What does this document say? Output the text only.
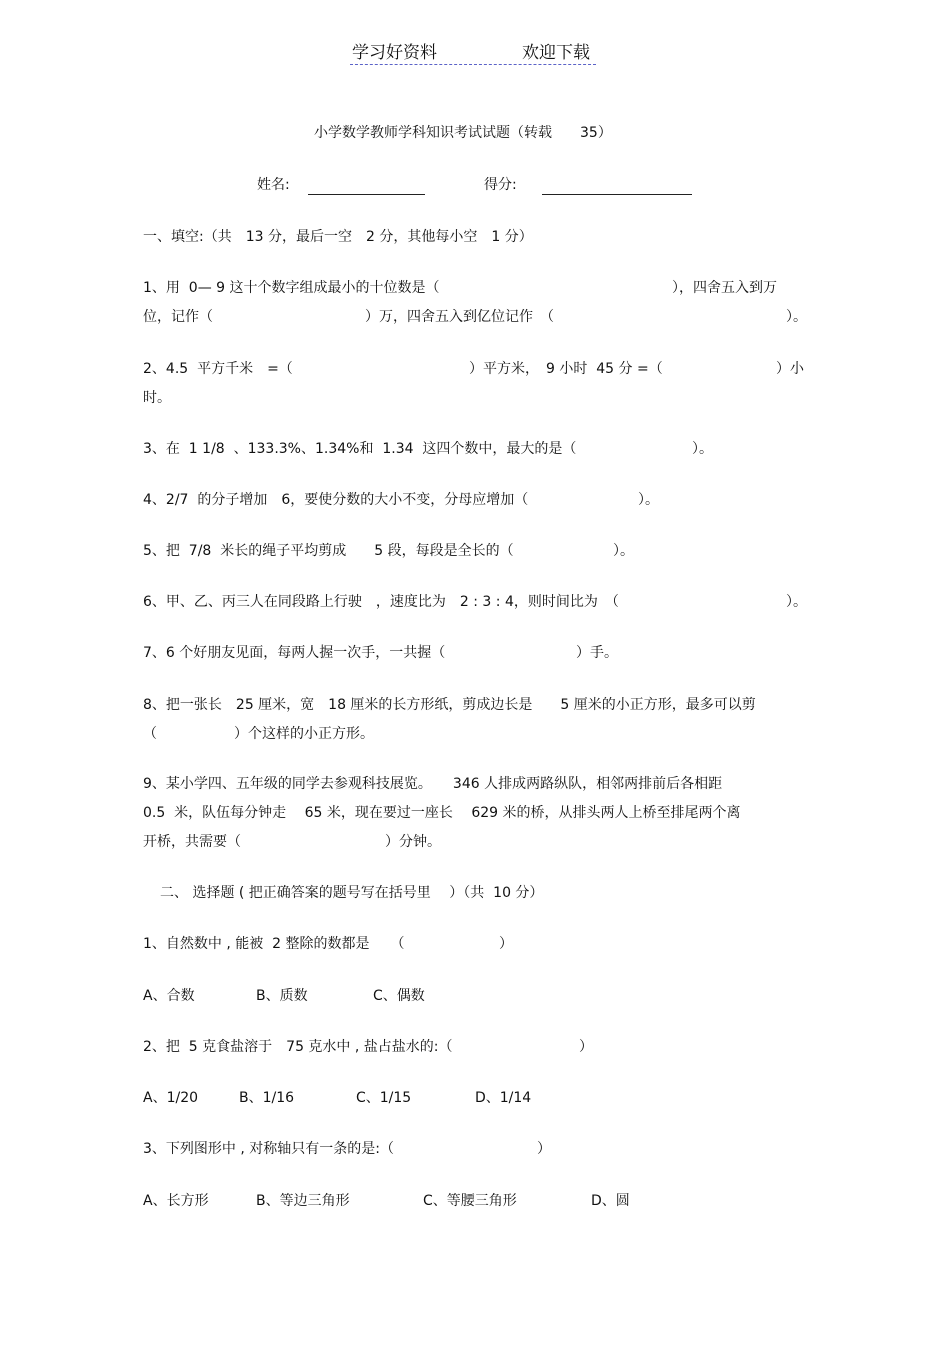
学习好资料	欢迎下载
小学数学教师学科知识考试试题（转载　　35）
姓名:	得分:
一、填空:（共　13 分，最后一空　2 分，其他每小空　1 分）
1、用  0— 9 这十个数字组成最小的十位数是（	），四舍五入到万
位，记作（	）万，四舍五入到亿位记作　（	）。
2、4.5  平方千米　=（	）平方米，　9 小时  45 分 =（	）小
时。
3、在  1 1/8  、133.3%、1.34%和  1.34  这四个数中，最大的是（	）。
4、2/7  的分子增加　6，要使分数的大小不变，分母应增加（	）。
5、把  7/8  米长的绳子平均剪成　　5 段，每段是全长的（	）。
6、甲、乙、丙三人在同段路上行驶　，速度比为　2 : 3 : 4，则时间比为　（	）。
7、6 个好朋友见面，每两人握一次手，一共握（	）手。
8、把一张长　25 厘米，宽　18 厘米的长方形纸，剪成边长是　　5 厘米的小正方形，最多可以剪
（	）个这样的小正方形。
9、某小学四、五年级的同学去参观科技展览。　　346 人排成两路纵队，相邻两排前后各相距
0.5  米，队伍每分钟走　 65 米，现在要过一座长　 629 米的桥，从排头两人上桥至排尾两个离
开桥，共需要（	）分钟。
二、 选择题 ( 把正确答案的题号写在括号里　 ）（共  10 分）
1、自然数中 , 能被  2 整除的数都是　　（	）
A、合数	B、质数	C、偶数
2、把  5 克食盐溶于　75 克水中 , 盐占盐水的:（	）
A、1/20	B、1/16	C、1/15	D、1/14
3、下列图形中 , 对称轴只有一条的是:（	）
A、长方形	B、等边三角形	C、等腰三角形	D、圆
